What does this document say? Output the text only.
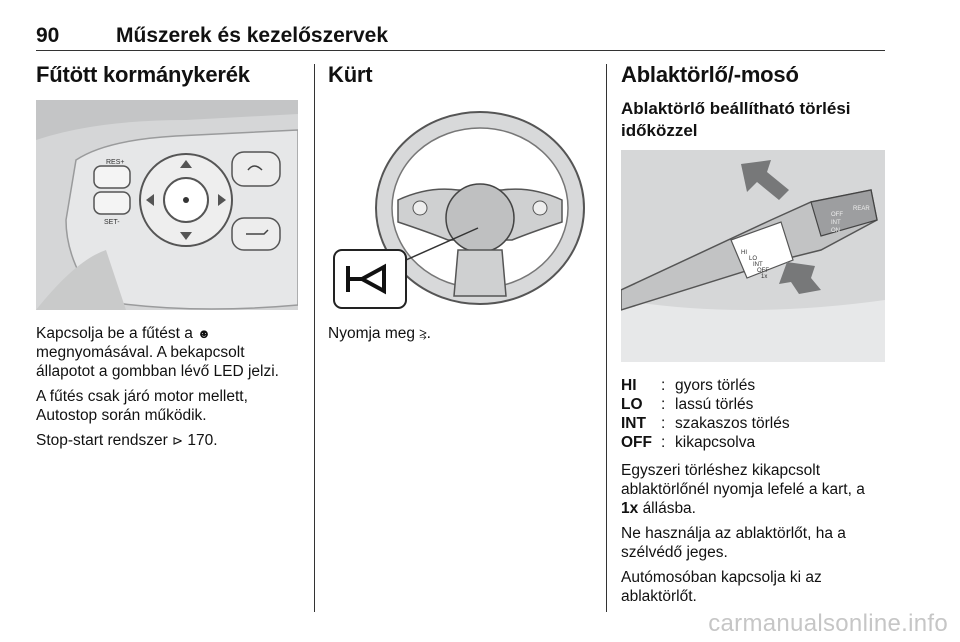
90	Műszerek és kezelőszervek
Fűtött kormánykerék
RES+
SET-

Kapcsolja be a fűtést a ☻ megnyomásával. A bekapcsolt állapotot a gombban lévő LED jelzi.

A fűtés csak járó motor mellett, Autostop során működik.

Stop-start rendszer ⊳ 170.

Kürt

Nyomja meg ⥸.

Ablaktörlő/-mosó
Ablaktörlő beállítható törlési időközzel
HI
LO
INT
OFF
1x
OFF
INT
ON
REAR
HI	: gyors törlés
LO	: lassú törlés
INT : szakaszos törlés
OFF : kikapcsolva

Egyszeri törléshez kikapcsolt ablaktörlőnél nyomja lefelé a kart, a 1x állásba.

Ne használja az ablaktörlőt, ha a szélvédő jeges.

Autómosóban kapcsolja ki az ablaktörlőt.

carmanualsonline.info
